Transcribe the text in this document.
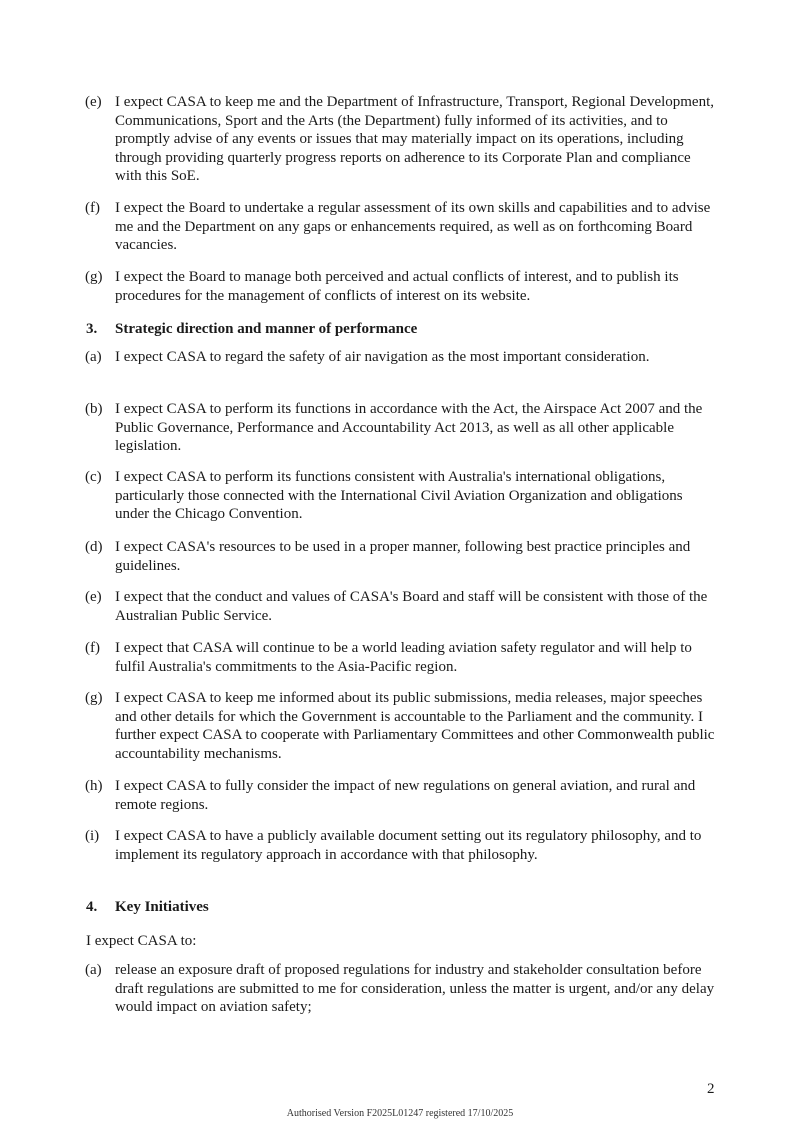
(e) I expect CASA to keep me and the Department of Infrastructure, Transport, Regional Development, Communications, Sport and the Arts (the Department) fully informed of its activities, and to promptly advise of any events or issues that may materially impact on its operations, including through providing quarterly progress reports on adherence to its Corporate Plan and compliance with this SoE.
(f) I expect the Board to undertake a regular assessment of its own skills and capabilities and to advise me and the Department on any gaps or enhancements required, as well as on forthcoming Board vacancies.
(g) I expect the Board to manage both perceived and actual conflicts of interest, and to publish its procedures for the management of conflicts of interest on its website.
3. Strategic direction and manner of performance
(a) I expect CASA to regard the safety of air navigation as the most important consideration.
(b) I expect CASA to perform its functions in accordance with the Act, the Airspace Act 2007 and the Public Governance, Performance and Accountability Act 2013, as well as all other applicable legislation.
(c) I expect CASA to perform its functions consistent with Australia's international obligations, particularly those connected with the International Civil Aviation Organization and obligations under the Chicago Convention.
(d) I expect CASA's resources to be used in a proper manner, following best practice principles and guidelines.
(e) I expect that the conduct and values of CASA's Board and staff will be consistent with those of the Australian Public Service.
(f) I expect that CASA will continue to be a world leading aviation safety regulator and will help to fulfil Australia's commitments to the Asia-Pacific region.
(g) I expect CASA to keep me informed about its public submissions, media releases, major speeches and other details for which the Government is accountable to the Parliament and the community. I further expect CASA to cooperate with Parliamentary Committees and other Commonwealth public accountability mechanisms.
(h) I expect CASA to fully consider the impact of new regulations on general aviation, and rural and remote regions.
(i) I expect CASA to have a publicly available document setting out its regulatory philosophy, and to implement its regulatory approach in accordance with that philosophy.
4. Key Initiatives
I expect CASA to:
(a) release an exposure draft of proposed regulations for industry and stakeholder consultation before draft regulations are submitted to me for consideration, unless the matter is urgent, and/or any delay would impact on aviation safety;
2
Authorised Version F2025L01247 registered 17/10/2025
